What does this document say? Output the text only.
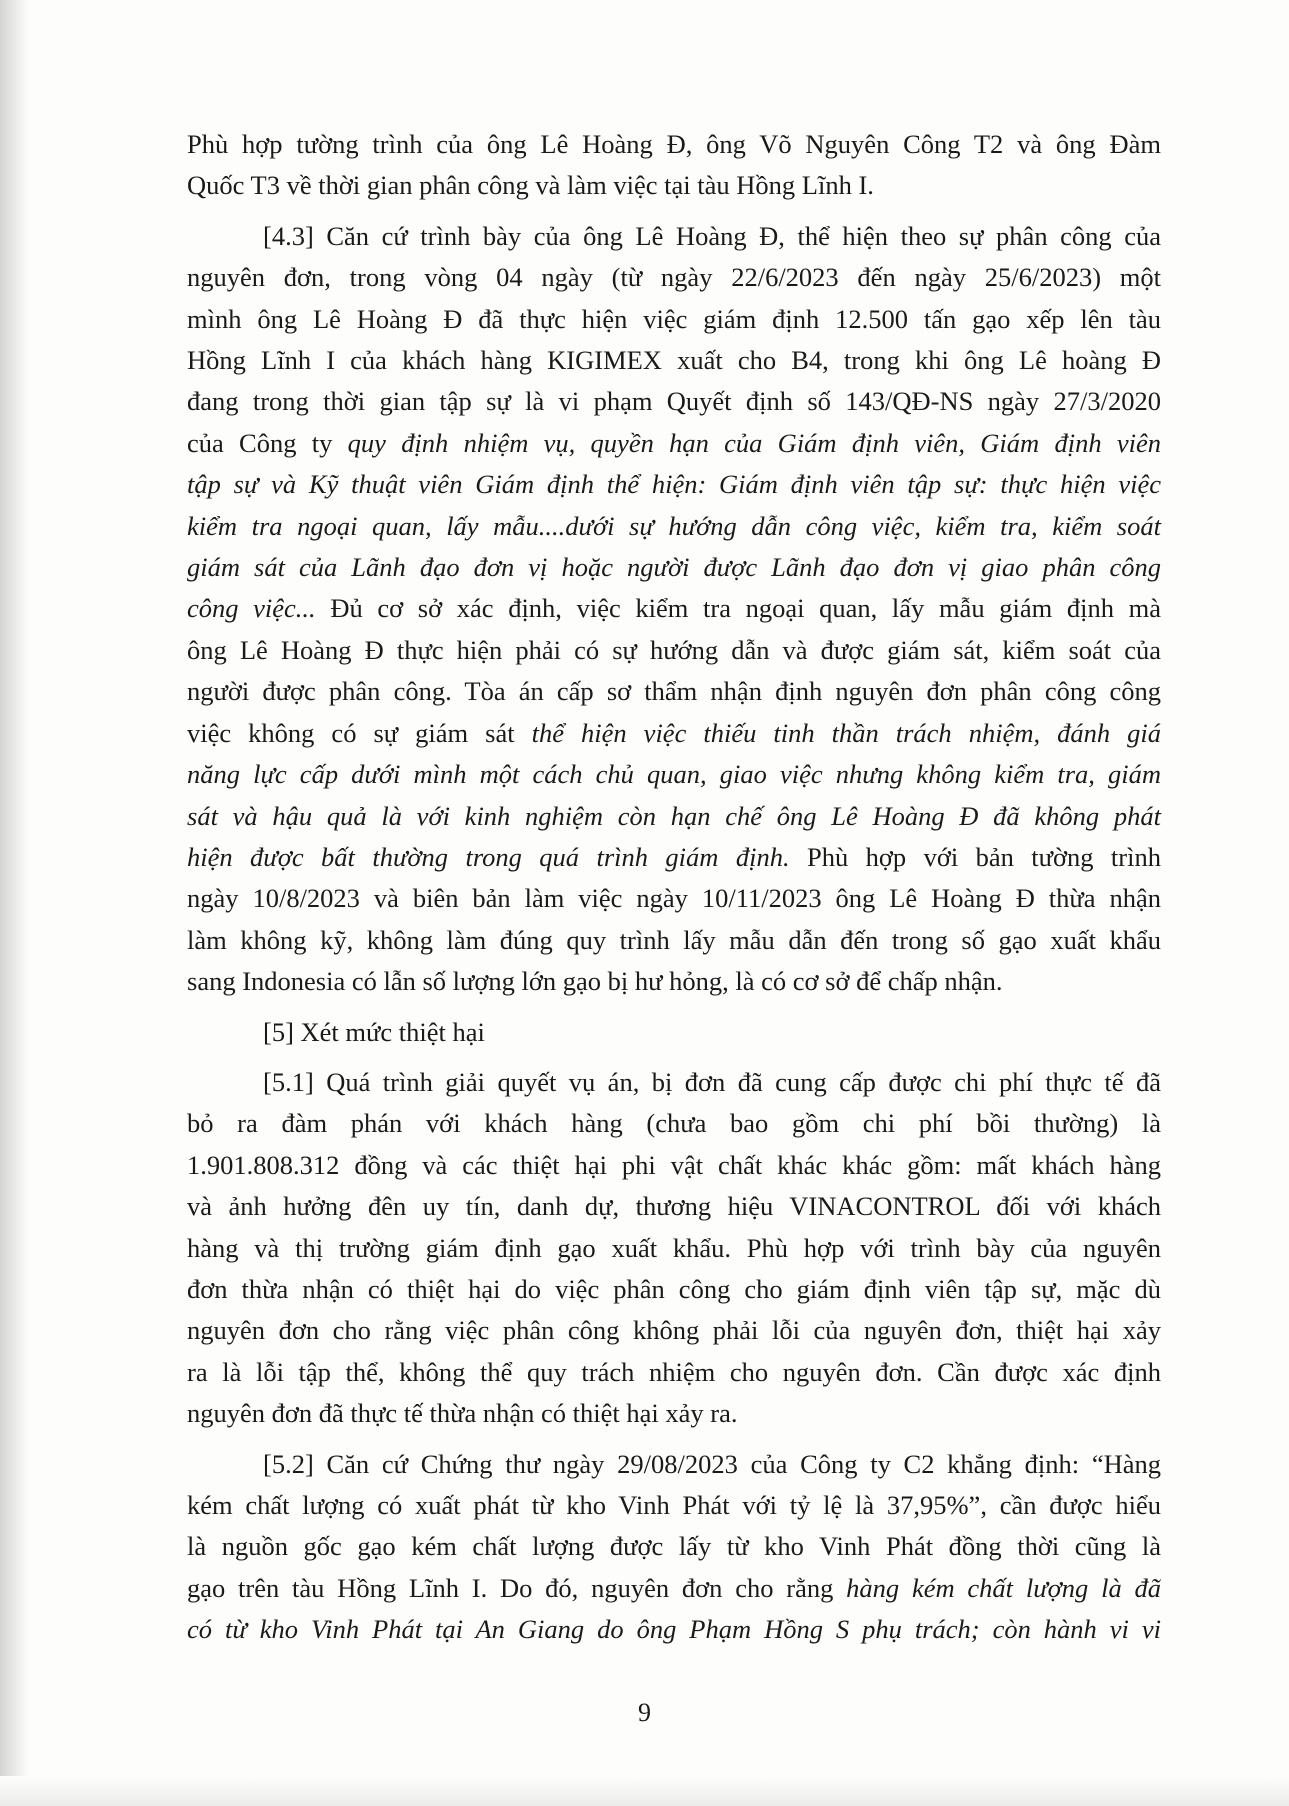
Phù hợp tường trình của ông Lê Hoàng Đ, ông Võ Nguyên Công T2 và ông Đàm
Quốc T3 về thời gian phân công và làm việc tại tàu Hồng Lĩnh I.

[4.3] Căn cứ trình bày của ông Lê Hoàng Đ, thể hiện theo sự phân công của
nguyên đơn, trong vòng 04 ngày (từ ngày 22/6/2023 đến ngày 25/6/2023) một
mình ông Lê Hoàng Đ đã thực hiện việc giám định 12.500 tấn gạo xếp lên tàu
Hồng Lĩnh I của khách hàng KIGIMEX xuất cho B4, trong khi ông Lê hoàng Đ
đang trong thời gian tập sự là vi phạm Quyết định số 143/QĐ-NS ngày 27/3/2020
của Công ty quy định nhiệm vụ, quyền hạn của Giám định viên, Giám định viên
tập sự và Kỹ thuật viên Giám định thể hiện: Giám định viên tập sự: thực hiện việc
kiểm tra ngoại quan, lấy mẫu....dưới sự hướng dẫn công việc, kiểm tra, kiểm soát
giám sát của Lãnh đạo đơn vị hoặc người được Lãnh đạo đơn vị giao phân công
công việc... Đủ cơ sở xác định, việc kiểm tra ngoại quan, lấy mẫu giám định mà
ông Lê Hoàng Đ thực hiện phải có sự hướng dẫn và được giám sát, kiểm soát của
người được phân công. Tòa án cấp sơ thẩm nhận định nguyên đơn phân công công
việc không có sự giám sát thể hiện việc thiếu tinh thần trách nhiệm, đánh giá
năng lực cấp dưới mình một cách chủ quan, giao việc nhưng không kiểm tra, giám
sát và hậu quả là với kinh nghiệm còn hạn chế ông Lê Hoàng Đ đã không phát
hiện được bất thường trong quá trình giám định. Phù hợp với bản tường trình
ngày 10/8/2023 và biên bản làm việc ngày 10/11/2023 ông Lê Hoàng Đ thừa nhận
làm không kỹ, không làm đúng quy trình lấy mẫu dẫn đến trong số gạo xuất khẩu
sang Indonesia có lẫn số lượng lớn gạo bị hư hỏng, là có cơ sở để chấp nhận.

[5] Xét mức thiệt hại

[5.1] Quá trình giải quyết vụ án, bị đơn đã cung cấp được chi phí thực tế đã
bỏ ra đàm phán với khách hàng (chưa bao gồm chi phí bồi thường) là
1.901.808.312 đồng và các thiệt hại phi vật chất khác khác gồm: mất khách hàng
và ảnh hưởng đên uy tín, danh dự, thương hiệu VINACONTROL đối với khách
hàng và thị trường giám định gạo xuất khẩu. Phù hợp với trình bày của nguyên
đơn thừa nhận có thiệt hại do việc phân công cho giám định viên tập sự, mặc dù
nguyên đơn cho rằng việc phân công không phải lỗi của nguyên đơn, thiệt hại xảy
ra là lỗi tập thể, không thể quy trách nhiệm cho nguyên đơn. Cần được xác định
nguyên đơn đã thực tế thừa nhận có thiệt hại xảy ra.

[5.2] Căn cứ Chứng thư ngày 29/08/2023 của Công ty C2 khẳng định: “Hàng
kém chất lượng có xuất phát từ kho Vinh Phát với tỷ lệ là 37,95%”, cần được hiểu
là nguồn gốc gạo kém chất lượng được lấy từ kho Vinh Phát đồng thời cũng là
gạo trên tàu Hồng Lĩnh I. Do đó, nguyên đơn cho rằng hàng kém chất lượng là đã
có từ kho Vinh Phát tại An Giang do ông Phạm Hồng S phụ trách; còn hành vi vi

9
